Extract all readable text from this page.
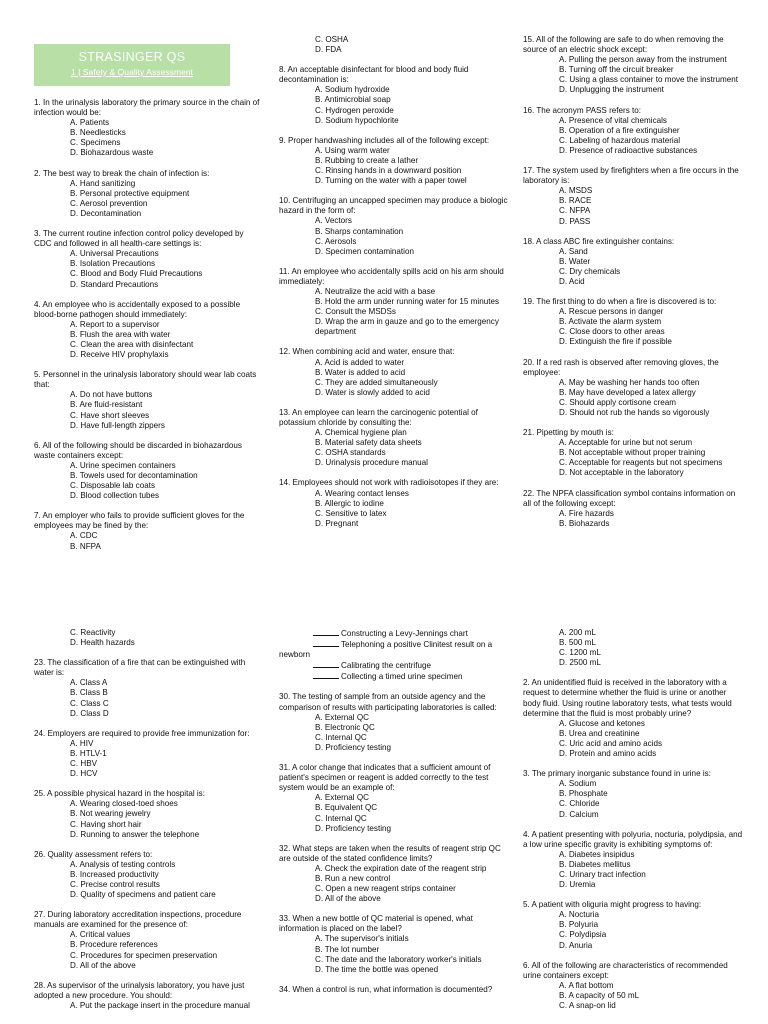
STRASINGER QS
1 | Safety & Quality Assessment

1. In the urinalysis laboratory the primary source in the chain of infection would be:

A. Patients
B. Needlesticks
C. Specimens
D. Biohazardous waste

2. The best way to break the chain of infection is:

A. Hand sanitizing
B. Personal protective equipment
C. Aerosol prevention
D. Decontamination

3. The current routine infection control policy developed by CDC and followed in all health-care settings is:

A. Universal Precautions
B. Isolation Precautions
C. Blood and Body Fluid Precautions
D. Standard Precautions

4. An employee who is accidentally exposed to a possible blood-borne pathogen should immediately:

A. Report to a supervisor
B. Flush the area with water
C. Clean the area with disinfectant
D. Receive HIV prophylaxis

5. Personnel in the urinalysis laboratory should wear lab coats that:

A. Do not have buttons
B. Are fluid-resistant
C. Have short sleeves
D. Have full-length zippers

6. All of the following should be discarded in biohazardous waste containers except:

A. Urine specimen containers
B. Towels used for decontamination
C. Disposable lab coats
D. Blood collection tubes

7. An employer who fails to provide sufficient gloves for the employees may be fined by the:

A. CDC
B. NFPA
C. OSHA
D. FDA

8. An acceptable disinfectant for blood and body fluid decontamination is:

A. Sodium hydroxide
B. Antimicrobial soap
C. Hydrogen peroxide
D. Sodium hypochlorite

9. Proper handwashing includes all of the following except:

A. Using warm water
B. Rubbing to create a lather
C. Rinsing hands in a downward position
D. Turning on the water with a paper towel

10. Centrifuging an uncapped specimen may produce a biologic hazard in the form of:

A. Vectors
B. Sharps contamination
C. Aerosols
D. Specimen contamination

11. An employee who accidentally spills acid on his arm should immediately:

A. Neutralize the acid with a base
B. Hold the arm under running water for 15 minutes
C. Consult the MSDSs
D. Wrap the arm in gauze and go to the emergency department

12. When combining acid and water, ensure that:

A. Acid is added to water
B. Water is added to acid
C. They are added simultaneously
D. Water is slowly added to acid

13. An employee can learn the carcinogenic potential of potassium chloride by consulting the:

A. Chemical hygiene plan
B. Material safety data sheets
C. OSHA standards
D. Urinalysis procedure manual

14. Employees should not work with radioisotopes if they are:

A. Wearing contact lenses
B. Allergic to iodine
C. Sensitive to latex
D. Pregnant

15. All of the following are safe to do when removing the source of an electric shock except:

A. Pulling the person away from the instrument
B. Turning off the circuit breaker
C. Using a glass container to move the instrument
D. Unplugging the instrument

16. The acronym PASS refers to:

A. Presence of vital chemicals
B. Operation of a fire extinguisher
C. Labeling of hazardous material
D. Presence of radioactive substances

17. The system used by firefighters when a fire occurs in the laboratory is:

A. MSDS
B. RACE
C. NFPA
D. PASS

18. A class ABC fire extinguisher contains:

A. Sand
B. Water
C. Dry chemicals
D. Acid

19. The first thing to do when a fire is discovered is to:

A. Rescue persons in danger
B. Activate the alarm system
C. Close doors to other areas
D. Extinguish the fire if possible

20. If a red rash is observed after removing gloves, the employee:

A. May be washing her hands too often
B. May have developed a latex allergy
C. Should apply cortisone cream
D. Should not rub the hands so vigorously

21. Pipetting by mouth is:

A. Acceptable for urine but not serum
B. Not acceptable without proper training
C. Acceptable for reagents but not specimens
D. Not acceptable in the laboratory

22. The NPFA classification symbol contains information on all of the following except:

A. Fire hazards
B. Biohazards
C. Reactivity
D. Health hazards

23. The classification of a fire that can be extinguished with water is:

A. Class A
B. Class B
C. Class C
D. Class D

24. Employers are required to provide free immunization for:

A. HIV
B. HTLV-1
C. HBV
D. HCV

25. A possible physical hazard in the hospital is:

A. Wearing closed-toed shoes
B. Not wearing jewelry
C. Having short hair
D. Running to answer the telephone

26. Quality assessment refers to:

A. Analysis of testing controls
B. Increased productivity
C. Precise control results
D. Quality of specimens and patient care

27. During laboratory accreditation inspections, procedure manuals are examined for the presence of:

A. Critical values
B. Procedure references
C. Procedures for specimen preservation
D. All of the above

28. As supervisor of the urinalysis laboratory, you have just adopted a new procedure. You should:

A. Put the package insert in the procedure manual
Constructing a Levy-Jennings chart
Telephoning a positive Clinitest result on a newborn
Calibrating the centrifuge
Collecting a timed urine specimen

30. The testing of sample from an outside agency and the comparison of results with participating laboratories is called:

A. External QC
B. Electronic QC
C. Internal QC
D. Proficiency testing

31. A color change that indicates that a sufficient amount of patient's specimen or reagent is added correctly to the test system would be an example of:

A. External QC
B. Equivalent QC
C. Internal QC
D. Proficiency testing

32. What steps are taken when the results of reagent strip QC are outside of the stated confidence limits?

A. Check the expiration date of the reagent strip
B. Run a new control
C. Open a new reagent strips container
D. All of the above

33. When a new bottle of QC material is opened, what information is placed on the label?

A. The supervisor's initials
B. The lot number
C. The date and the laboratory worker's initials
D. The time the bottle was opened

34. When a control is run, what information is documented?

A. 200 mL
B. 500 mL
C. 1200 mL
D. 2500 mL

2. An unidentified fluid is received in the laboratory with a request to determine whether the fluid is urine or another body fluid. Using routine laboratory tests, what tests would determine that the fluid is most probably urine?

A. Glucose and ketones
B. Urea and creatinine
C. Uric acid and amino acids
D. Protein and amino acids

3. The primary inorganic substance found in urine is:

A. Sodium
B. Phosphate
C. Chloride
D. Calcium

4. A patient presenting with polyuria, nocturia, polydipsia, and a low urine specific gravity is exhibiting symptoms of:

A. Diabetes insipidus
B. Diabetes mellitus
C. Urinary tract infection
D. Uremia

5. A patient with oliguria might progress to having:

A. Nocturia
B. Polyuria
C. Polydipsia
D. Anuria

6. All of the following are characteristics of recommended urine containers except:

A. A flat bottom
B. A capacity of 50 mL
C. A snap-on lid
